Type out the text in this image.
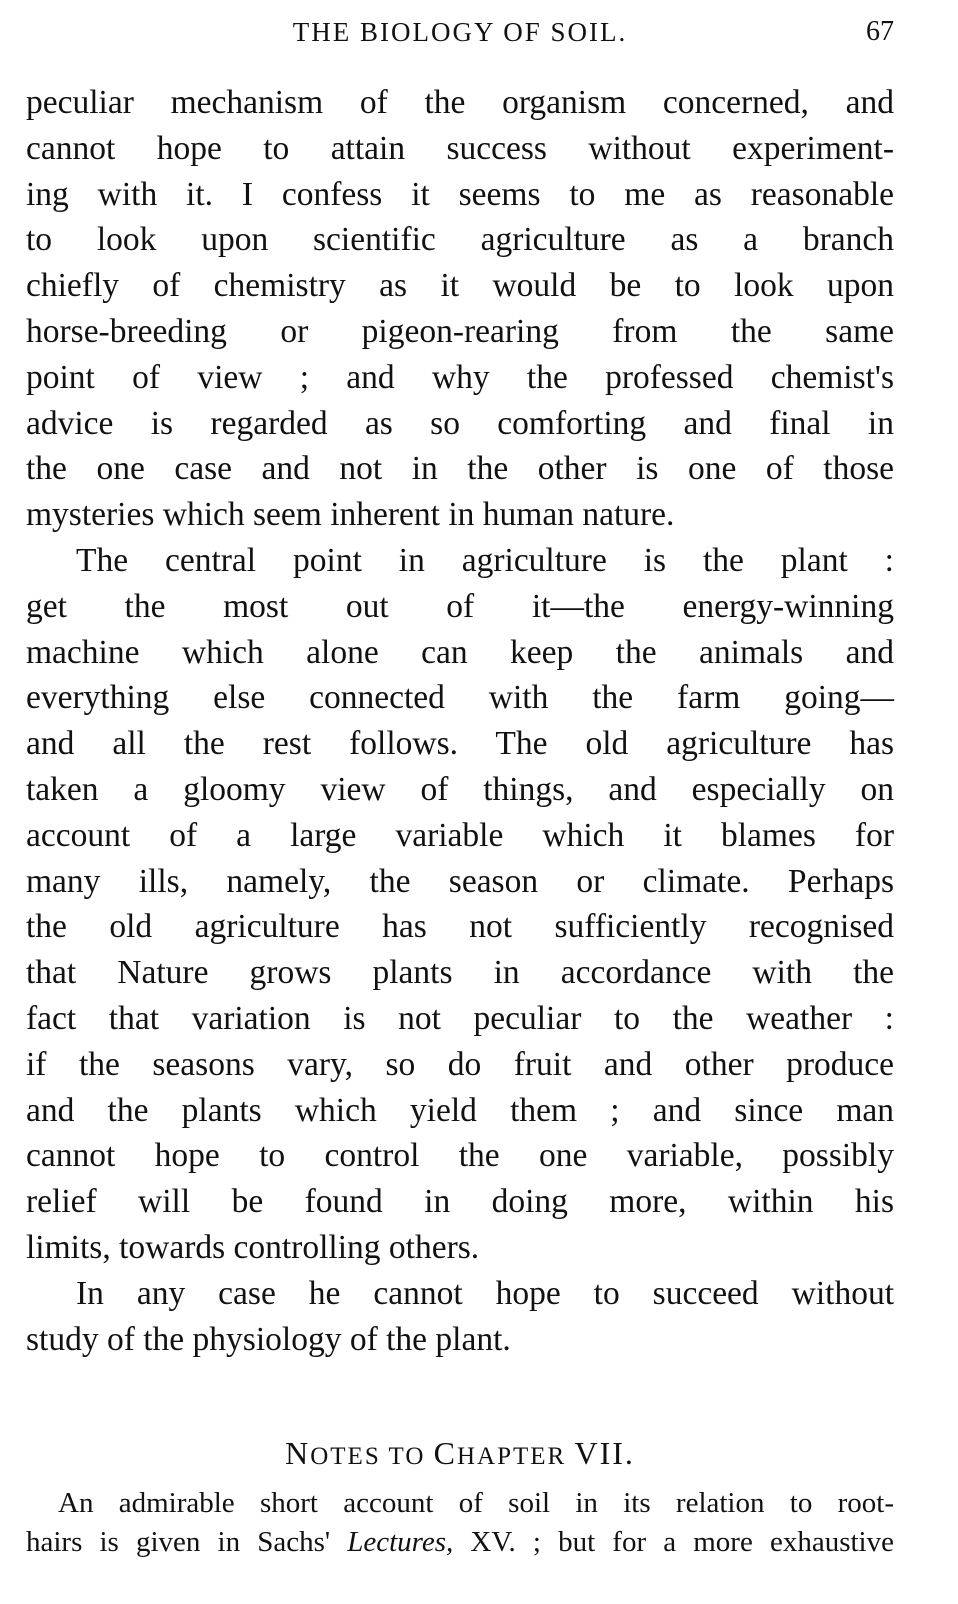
THE BIOLOGY OF SOIL.	67
peculiar mechanism of the organism concerned, and
cannot hope to attain success without experiment-
ing with it. I confess it seems to me as reasonable
to look upon scientific agriculture as a branch
chiefly of chemistry as it would be to look upon
horse-breeding or pigeon-rearing from the same
point of view ; and why the professed chemist's
advice is regarded as so comforting and final in
the one case and not in the other is one of those
mysteries which seem inherent in human nature.
The central point in agriculture is the plant :
get the most out of it—the energy-winning
machine which alone can keep the animals and
everything else connected with the farm going—
and all the rest follows. The old agriculture has
taken a gloomy view of things, and especially on
account of a large variable which it blames for
many ills, namely, the season or climate. Perhaps
the old agriculture has not sufficiently recognised
that Nature grows plants in accordance with the
fact that variation is not peculiar to the weather :
if the seasons vary, so do fruit and other produce
and the plants which yield them ; and since man
cannot hope to control the one variable, possibly
relief will be found in doing more, within his
limits, towards controlling others.
In any case he cannot hope to succeed without
study of the physiology of the plant.
NOTES TO CHAPTER VII.
An admirable short account of soil in its relation to root-
hairs is given in Sachs' Lectures, XV. ; but for a more exhaustive
